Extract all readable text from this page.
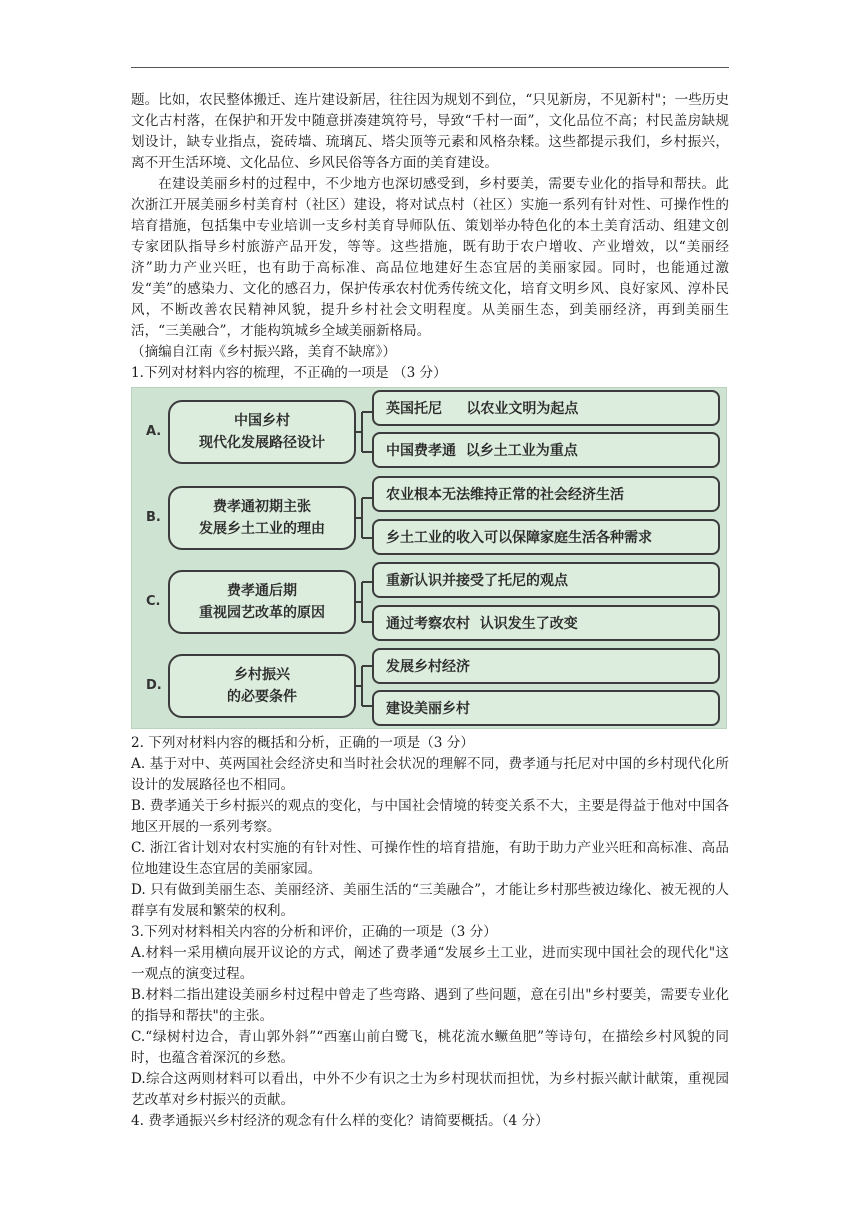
题。比如，农民整体搬迁、连片建设新居，往往因为规划不到位，“只见新房，不见新村"；一些历史文化古村落，在保护和开发中随意拼凑建筑符号，导致“千村一面”，文化品位不高；村民盖房缺规划设计，缺专业指点，瓷砖墙、琉璃瓦、塔尖顶等元素和风格杂糅。这些都提示我们，乡村振兴，离不开生活环境、文化品位、乡风民俗等各方面的美育建设。

在建设美丽乡村的过程中，不少地方也深切感受到，乡村要美，需要专业化的指导和帮扶。此次浙江开展美丽乡村美育村（社区）建设，将对试点村（社区）实施一系列有针对性、可操作性的培育措施，包括集中专业培训一支乡村美育导师队伍、策划举办特色化的本土美育活动、组建文创专家团队指导乡村旅游产品开发，等等。这些措施，既有助于农户增收、产业增效，以“美丽经济”助力产业兴旺，也有助于高标准、高品位地建好生态宜居的美丽家园。同时，也能通过激发“美”的感染力、文化的感召力，保护传承农村优秀传统文化，培育文明乡风、良好家风、淳朴民风，不断改善农民精神风貌，提升乡村社会文明程度。从美丽生态，到美丽经济，再到美丽生活，“三美融合”，才能构筑城乡全域美丽新格局。

（摘编自江南《乡村振兴路，美育不缺席》）

1.下列对材料内容的梳理，不正确的一项是 （3 分）

A.
中国乡村
现代化发展路径设计
英国托尼     以农业文明为起点
中国费孝通  以乡土工业为重点
B.
费孝通初期主张
发展乡土工业的理由
农业根本无法维持正常的社会经济生活
乡土工业的收入可以保障家庭生活各种需求
C.
费孝通后期
重视园艺改革的原因
重新认识并接受了托尼的观点
通过考察农村  认识发生了改变
D.
乡村振兴
的必要条件
发展乡村经济
建设美丽乡村

2. 下列对材料内容的概括和分析，正确的一项是（3 分）

A. 基于对中、英两国社会经济史和当时社会状况的理解不同，费孝通与托尼对中国的乡村现代化所设计的发展路径也不相同。

B. 费孝通关于乡村振兴的观点的变化，与中国社会情境的转变关系不大，主要是得益于他对中国各地区开展的一系列考察。

C. 浙江省计划对农村实施的有针对性、可操作性的培育措施，有助于助力产业兴旺和高标准、高品位地建设生态宜居的美丽家园。

D. 只有做到美丽生态、美丽经济、美丽生活的“三美融合”，才能让乡村那些被边缘化、被无视的人群享有发展和繁荣的权利。

3.下列对材料相关内容的分析和评价，正确的一项是（3 分）

A.材料一采用横向展开议论的方式，阐述了费孝通“发展乡土工业，进而实现中国社会的现代化"这一观点的演变过程。

B.材料二指出建设美丽乡村过程中曾走了些弯路、遇到了些问题，意在引出"乡村要美，需要专业化的指导和帮扶"的主张。

C.“绿树村边合，青山郭外斜”“西塞山前白鹭飞，桃花流水鳜鱼肥”等诗句，在描绘乡村风貌的同时，也蕴含着深沉的乡愁。

D.综合这两则材料可以看出，中外不少有识之士为乡村现状而担忧，为乡村振兴献计献策，重视园艺改革对乡村振兴的贡献。

4. 费孝通振兴乡村经济的观念有什么样的变化？请简要概括。（4 分）
